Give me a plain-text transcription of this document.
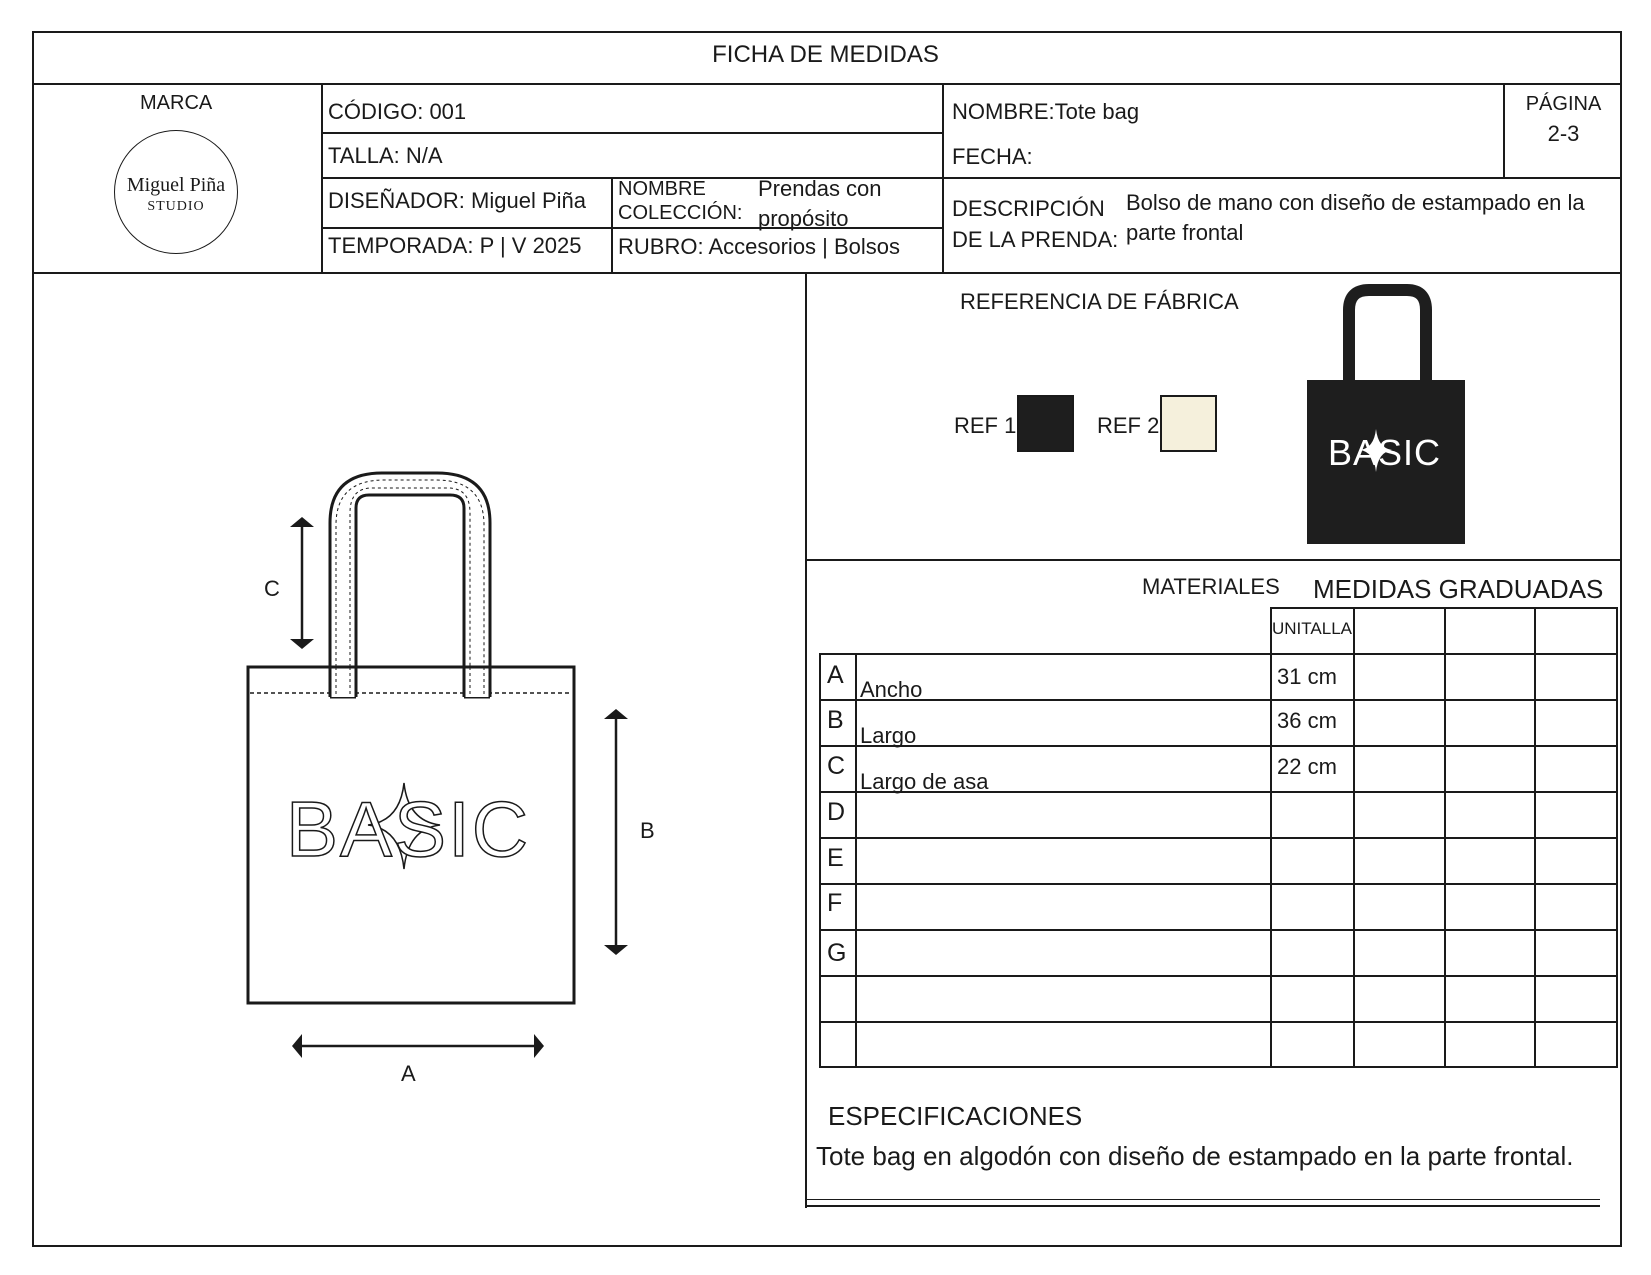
FICHA DE MEDIDAS
MARCA
Miguel Piña
STUDIO
CÓDIGO: 001
TALLA: N/A
DISEÑADOR: Miguel Piña
TEMPORADA: P | V 2025
NOMBRE
COLECCIÓN:
Prendas con
propósito
RUBRO: Accesorios | Bolsos
NOMBRE:Tote bag
FECHA:
DESCRIPCIÓN
DE LA PRENDA:
Bolso de mano con diseño de estampado en la
parte frontal
PÁGINA
2-3
BASIC
C
B
A
REFERENCIA DE FÁBRICA
REF 1	REF 2
BASIC
MATERIALES MEDIDAS GRADUADAS
UNITALLA
A
Ancho
31 cm
B
Largo
36 cm
C
Largo de asa
22 cm
D
E
F
G
ESPECIFICACIONES
Tote bag en algodón con diseño de estampado en la parte frontal.
